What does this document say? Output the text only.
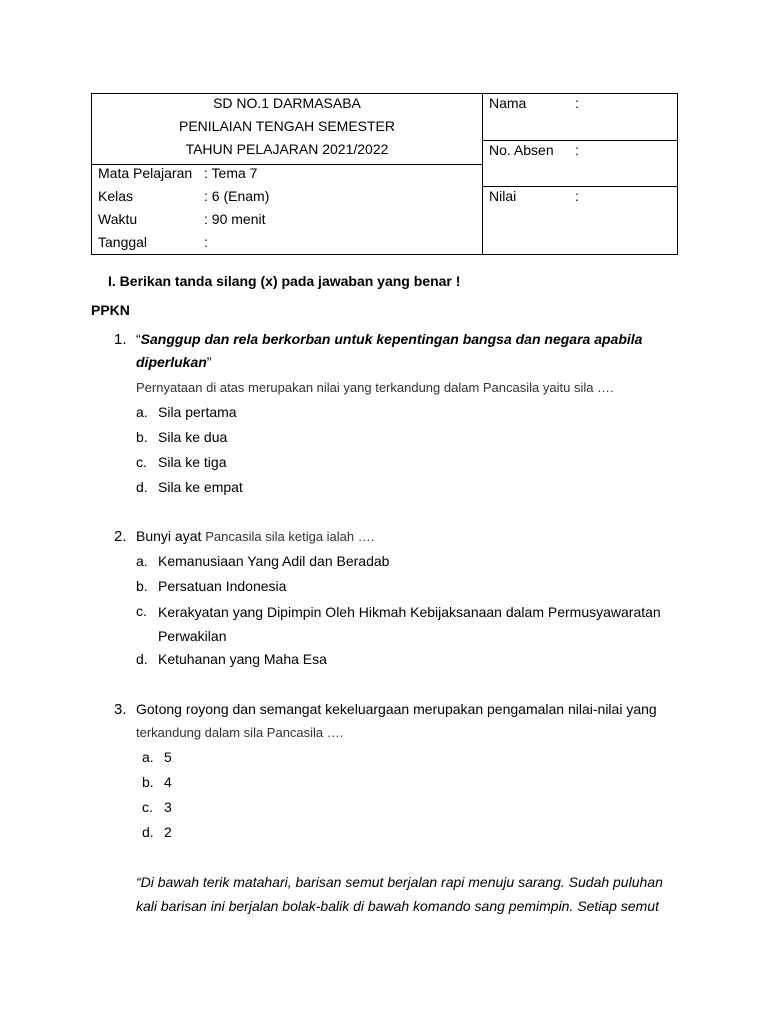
SD NO.1 DARMASABA
PENILAIAN TENGAH SEMESTER
TAHUN PELAJARAN 2021/2022
Mata Pelajaran : Tema 7
Kelas	: 6 (Enam)
Waktu	: 90 menit
Tanggal	:
Nama	:
No. Absen :
Nilai	:
I. Berikan tanda silang (x) pada jawaban yang benar !
PPKN
1. “Sanggup dan rela berkorban untuk kepentingan bangsa dan negara apabila diperlukan”
Pernyataan di atas merupakan nilai yang terkandung dalam Pancasila yaitu sila ….
a. Sila pertama
b. Sila ke dua
c. Sila ke tiga
d. Sila ke empat
2. Bunyi ayat Pancasila sila ketiga ialah ….
a. Kemanusiaan Yang Adil dan Beradab
b. Persatuan Indonesia
c. Kerakyatan yang Dipimpin Oleh Hikmah Kebijaksanaan dalam Permusyawaratan Perwakilan
d. Ketuhanan yang Maha Esa
3. Gotong royong dan semangat kekeluargaan merupakan pengamalan nilai-nilai yang
terkandung dalam sila Pancasila ….
a. 5
b. 4
c. 3
d. 2
“Di bawah terik matahari, barisan semut berjalan rapi menuju sarang. Sudah puluhan kali barisan ini berjalan bolak-balik di bawah komando sang pemimpin. Setiap semut
